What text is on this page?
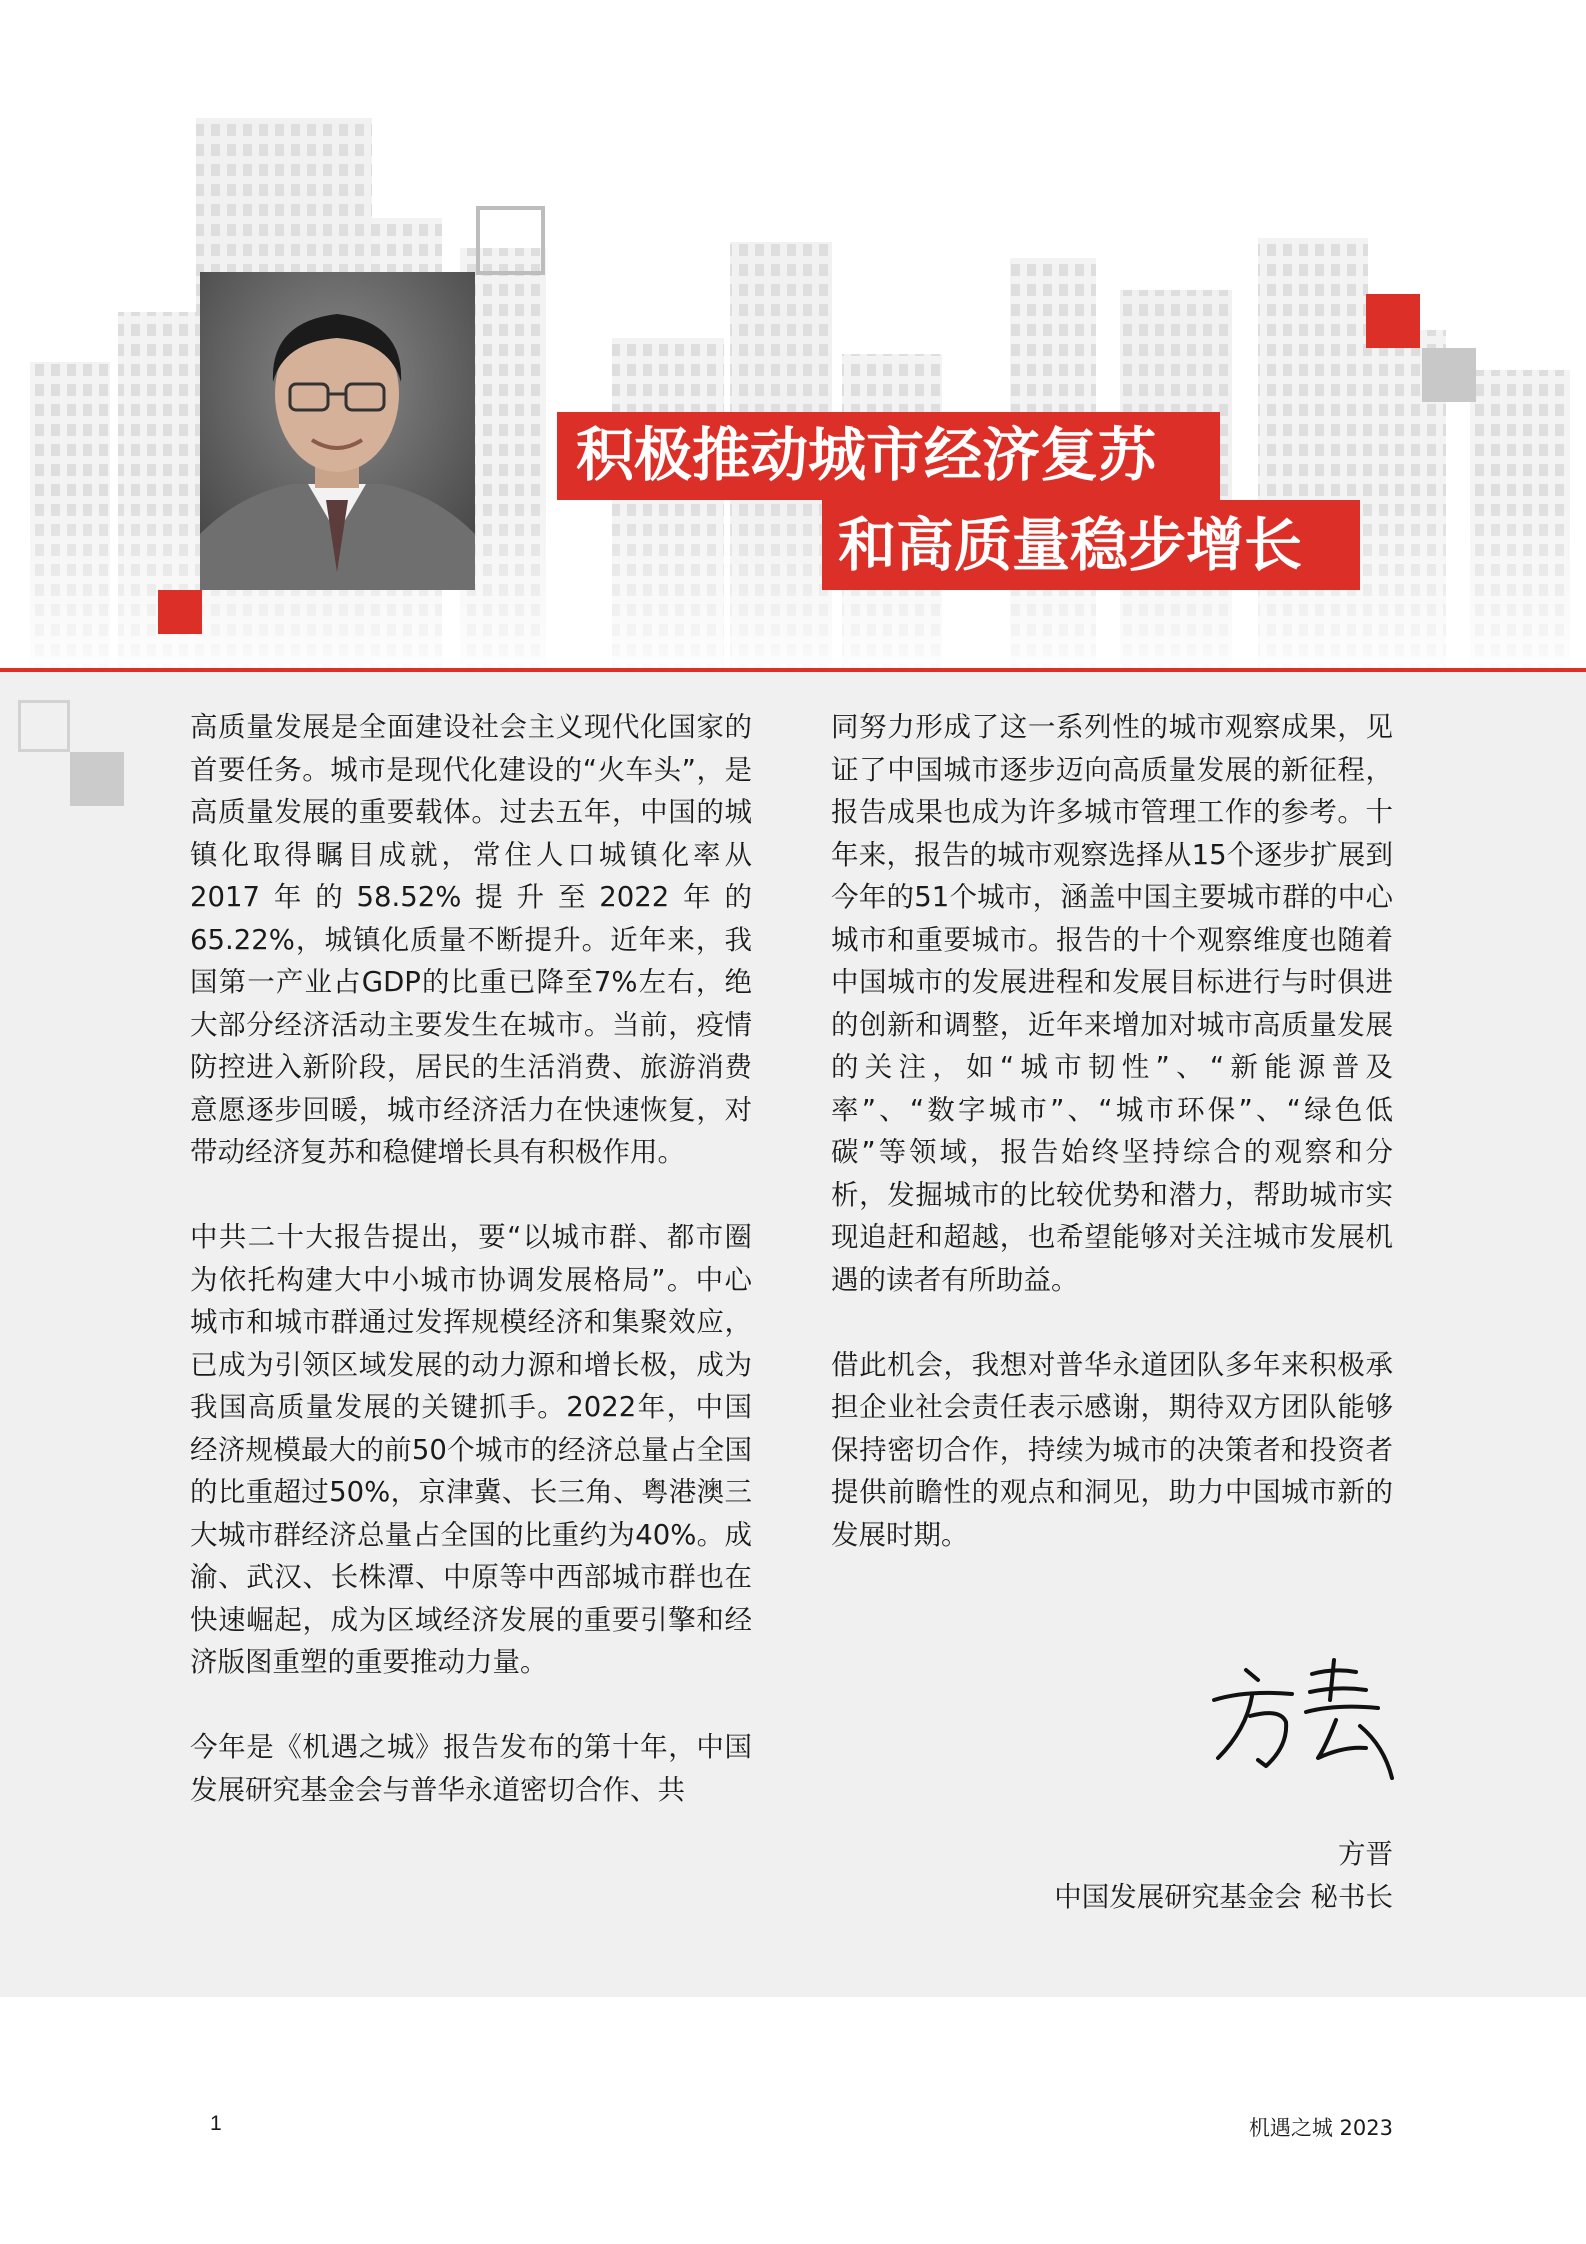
积极推动城市经济复苏
和高质量稳步增长

高质量发展是全面建设社会主义现代化国家的首要任务。城市是现代化建设的“火车头”，是高质量发展的重要载体。过去五年，中国的城镇化取得瞩目成就，常住人口城镇化率从2017年的58.52%提升至2022年的65.22%，城镇化质量不断提升。近年来，我国第一产业占GDP的比重已降至7%左右，绝大部分经济活动主要发生在城市。当前，疫情防控进入新阶段，居民的生活消费、旅游消费意愿逐步回暖，城市经济活力在快速恢复，对带动经济复苏和稳健增长具有积极作用。

中共二十大报告提出，要“以城市群、都市圈为依托构建大中小城市协调发展格局”。中心城市和城市群通过发挥规模经济和集聚效应，已成为引领区域发展的动力源和增长极，成为我国高质量发展的关键抓手。2022年，中国经济规模最大的前50个城市的经济总量占全国的比重超过50%，京津冀、长三角、粤港澳三大城市群经济总量占全国的比重约为40%。成渝、武汉、长株潭、中原等中西部城市群也在快速崛起，成为区域经济发展的重要引擎和经济版图重塑的重要推动力量。

今年是《机遇之城》报告发布的第十年，中国发展研究基金会与普华永道密切合作、共

同努力形成了这一系列性的城市观察成果，见证了中国城市逐步迈向高质量发展的新征程，报告成果也成为许多城市管理工作的参考。十年来，报告的城市观察选择从15个逐步扩展到今年的51个城市，涵盖中国主要城市群的中心城市和重要城市。报告的十个观察维度也随着中国城市的发展进程和发展目标进行与时俱进的创新和调整，近年来增加对城市高质量发展的关注，如“城市韧性”、“新能源普及率”、“数字城市”、“城市环保”、“绿色低碳”等领域，报告始终坚持综合的观察和分析，发掘城市的比较优势和潜力，帮助城市实现追赶和超越，也希望能够对关注城市发展机遇的读者有所助益。

借此机会，我想对普华永道团队多年来积极承担企业社会责任表示感谢，期待双方团队能够保持密切合作，持续为城市的决策者和投资者提供前瞻性的观点和洞见，助力中国城市新的发展时期。

方晋
中国发展研究基金会 秘书长
1	机遇之城 2023
